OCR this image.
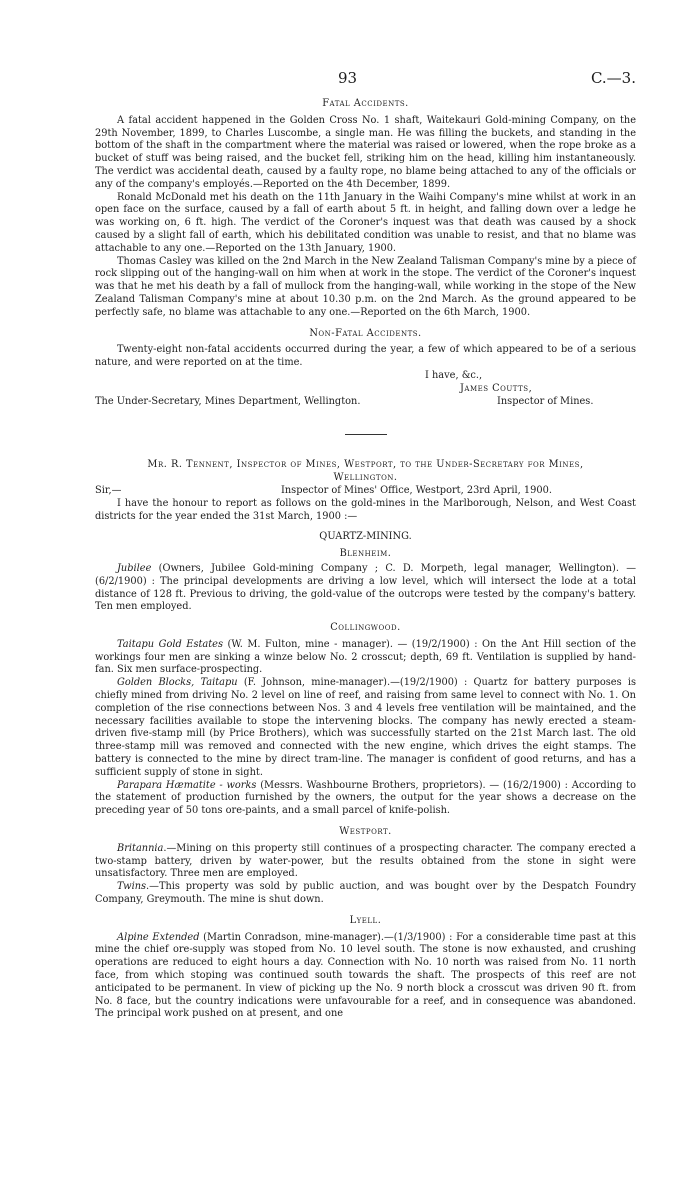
93	C.—3.
Fatal Accidents.

A fatal accident happened in the Golden Cross No. 1 shaft, Waitekauri Gold-mining Company, on the 29th November, 1899, to Charles Luscombe, a single man. He was filling the buckets, and standing in the bottom of the shaft in the compartment where the material was raised or lowered, when the rope broke as a bucket of stuff was being raised, and the bucket fell, striking him on the head, killing him instantaneously. The verdict was accidental death, caused by a faulty rope, no blame being attached to any of the officials or any of the company's employés.—Reported on the 4th December, 1899.

Ronald McDonald met his death on the 11th January in the Waihi Company's mine whilst at work in an open face on the surface, caused by a fall of earth about 5 ft. in height, and falling down over a ledge he was working on, 6 ft. high. The verdict of the Coroner's inquest was that death was caused by a shock caused by a slight fall of earth, which his debilitated condition was unable to resist, and that no blame was attachable to any one.—Reported on the 13th January, 1900.

Thomas Casley was killed on the 2nd March in the New Zealand Talisman Company's mine by a piece of rock slipping out of the hanging-wall on him when at work in the stope. The verdict of the Coroner's inquest was that he met his death by a fall of mullock from the hanging-wall, while working in the stope of the New Zealand Talisman Company's mine at about 10.30 p.m. on the 2nd March. As the ground appeared to be perfectly safe, no blame was attachable to any one.—Reported on the 6th March, 1900.

Non-Fatal Accidents.

Twenty-eight non-fatal accidents occurred during the year, a few of which appeared to be of a serious nature, and were reported on at the time.

I have, &c.,
James Coutts,
The Under-Secretary, Mines Department, Wellington.	Inspector of Mines.
Mr. R. Tennent, Inspector of Mines, Westport, to the Under-Secretary for Mines, Wellington.
Sir,—	Inspector of Mines' Office, Westport, 23rd April, 1900.

I have the honour to report as follows on the gold-mines in the Marlborough, Nelson, and West Coast districts for the year ended the 31st March, 1900 :—

QUARTZ-MINING.
Blenheim.

Jubilee (Owners, Jubilee Gold-mining Company ; C. D. Morpeth, legal manager, Wellington). —(6/2/1900) : The principal developments are driving a low level, which will intersect the lode at a total distance of 128 ft. Previous to driving, the gold-value of the outcrops were tested by the company's battery. Ten men employed.

Collingwood.

Taitapu Gold Estates (W. M. Fulton, mine - manager). — (19/2/1900) : On the Ant Hill section of the workings four men are sinking a winze below No. 2 crosscut; depth, 69 ft. Ventilation is supplied by hand-fan. Six men surface-prospecting.

Golden Blocks, Taitapu (F. Johnson, mine-manager).—(19/2/1900) : Quartz for battery purposes is chiefly mined from driving No. 2 level on line of reef, and raising from same level to connect with No. 1. On completion of the rise connections between Nos. 3 and 4 levels free ventilation will be maintained, and the necessary facilities available to stope the intervening blocks. The company has newly erected a steam-driven five-stamp mill (by Price Brothers), which was successfully started on the 21st March last. The old three-stamp mill was removed and connected with the new engine, which drives the eight stamps. The battery is connected to the mine by direct tram-line. The manager is confident of good returns, and has a sufficient supply of stone in sight.

Parapara Hæmatite - works (Messrs. Washbourne Brothers, proprietors). — (16/2/1900) : According to the statement of production furnished by the owners, the output for the year shows a decrease on the preceding year of 50 tons ore-paints, and a small parcel of knife-polish.

Westport.

Britannia.—Mining on this property still continues of a prospecting character. The company erected a two-stamp battery, driven by water-power, but the results obtained from the stone in sight were unsatisfactory. Three men are employed.

Twins.—This property was sold by public auction, and was bought over by the Despatch Foundry Company, Greymouth. The mine is shut down.

Lyell.

Alpine Extended (Martin Conradson, mine-manager).—(1/3/1900) : For a considerable time past at this mine the chief ore-supply was stoped from No. 10 level south. The stone is now exhausted, and crushing operations are reduced to eight hours a day. Connection with No. 10 north was raised from No. 11 north face, from which stoping was continued south towards the shaft. The prospects of this reef are not anticipated to be permanent. In view of picking up the No. 9 north block a crosscut was driven 90 ft. from No. 8 face, but the country indications were unfavourable for a reef, and in consequence was abandoned. The principal work pushed on at present, and one
